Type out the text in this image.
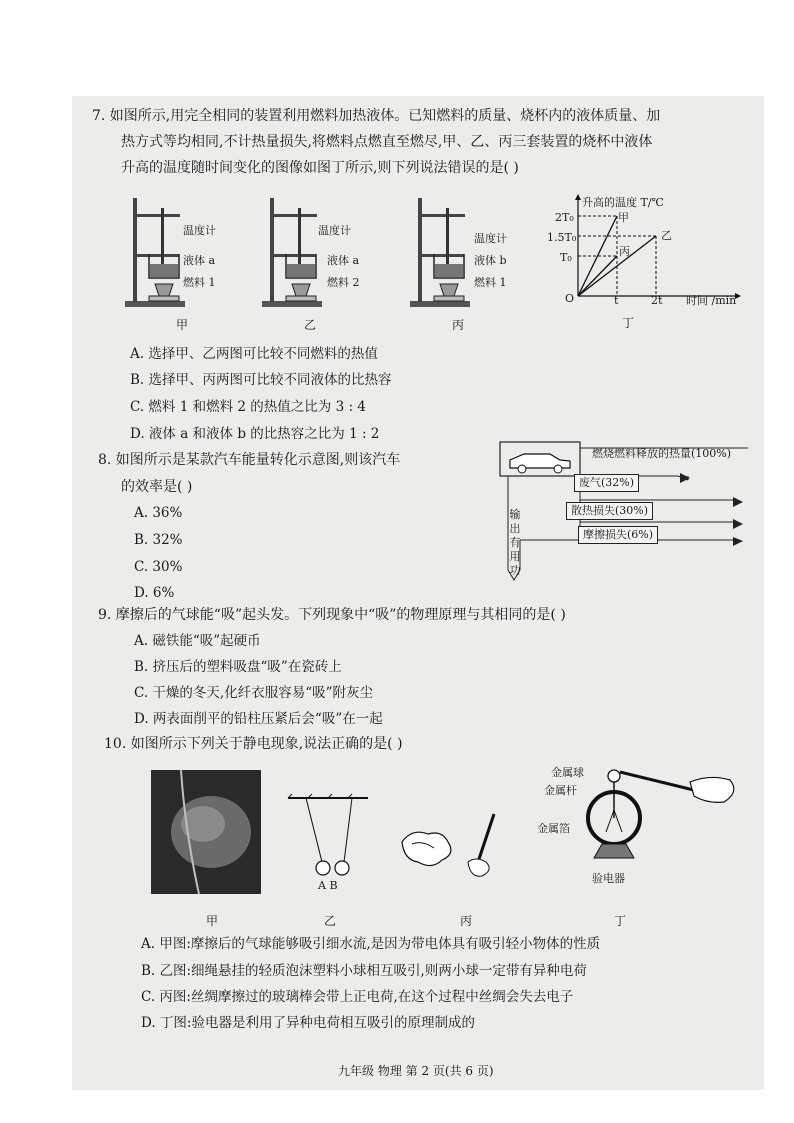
7. 如图所示,用完全相同的装置利用燃料加热液体。已知燃料的质量、烧杯内的液体质量、加
热方式等均相同,不计热量损失,将燃料点燃直至燃尽,甲、乙、丙三套装置的烧杯中液体
升高的温度随时间变化的图像如图丁所示,则下列说法错误的是( )
温度计
液体 a
燃料 1
甲
温度计
液体 a
燃料 2
乙
温度计
液体 b
燃料 1
丙
升高的温度 T/℃
2T₀
1.5T₀
T₀
甲
丙
乙
O	t	2t 时间 /min
丁
A. 选择甲、乙两图可比较不同燃料的热值
B. 选择甲、丙两图可比较不同液体的比热容
C. 燃料 1 和燃料 2 的热值之比为 3 : 4
D. 液体 a 和液体 b 的比热容之比为 1 : 2
8. 如图所示是某款汽车能量转化示意图,则该汽车
的效率是( )
A. 36%
B. 32%
C. 30%
D. 6%
燃烧燃料释放的热量(100%)
废气(32%)
散热损失(30%)
摩擦损失(6%)
输
出
有
用
功
9. 摩擦后的气球能“吸”起头发。下列现象中“吸”的物理原理与其相同的是( )
A. 磁铁能“吸”起硬币
B. 挤压后的塑料吸盘“吸”在瓷砖上
C. 干燥的冬天,化纤衣服容易“吸”附灰尘
D. 两表面削平的铅柱压紧后会“吸”在一起
10. 如图所示下列关于静电现象,说法正确的是( )
A B
金属球
金属杆
金属箔
验电器
甲	乙	丙	丁
A. 甲图:摩擦后的气球能够吸引细水流,是因为带电体具有吸引轻小物体的性质
B. 乙图:细绳悬挂的轻质泡沫塑料小球相互吸引,则两小球一定带有异种电荷
C. 丙图:丝绸摩擦过的玻璃棒会带上正电荷,在这个过程中丝绸会失去电子
D. 丁图:验电器是利用了异种电荷相互吸引的原理制成的
九年级 物理 第 2 页(共 6 页)
